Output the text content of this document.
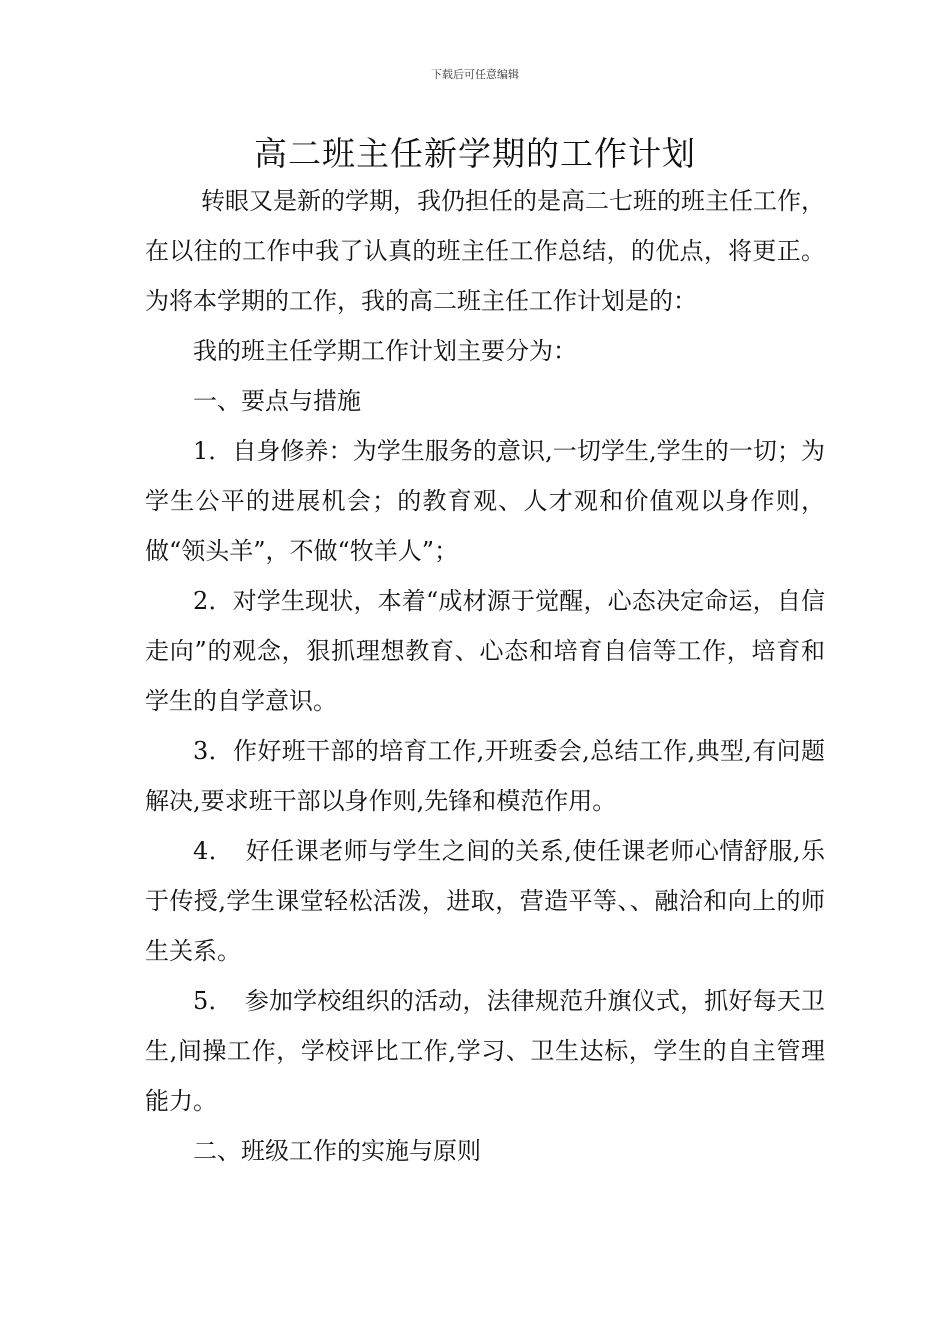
下载后可任意编辑
高二班主任新学期的工作计划

转眼又是新的学期，我仍担任的是高二七班的班主任工作，在以往的工作中我了认真的班主任工作总结，的优点，将更正。为将本学期的工作，我的高二班主任工作计划是的：

我的班主任学期工作计划主要分为：

一、要点与措施

1．自身修养：为学生服务的意识,一切学生,学生的一切；为学生公平的进展机会；的教育观、人才观和价值观以身作则，做“领头羊”，不做“牧羊人”；

2．对学生现状，本着“成材源于觉醒，心态决定命运，自信走向”的观念，狠抓理想教育、心态和培育自信等工作，培育和学生的自学意识。

3．作好班干部的培育工作,开班委会,总结工作,典型,有问题解决,要求班干部以身作则,先锋和模范作用。

4．　好任课老师与学生之间的关系,使任课老师心情舒服,乐于传授,学生课堂轻松活泼，进取，营造平等、、融洽和向上的师生关系。

5．　参加学校组织的活动，法律规范升旗仪式，抓好每天卫生,间操工作，学校评比工作,学习、卫生达标，学生的自主管理能力。

二、班级工作的实施与原则
